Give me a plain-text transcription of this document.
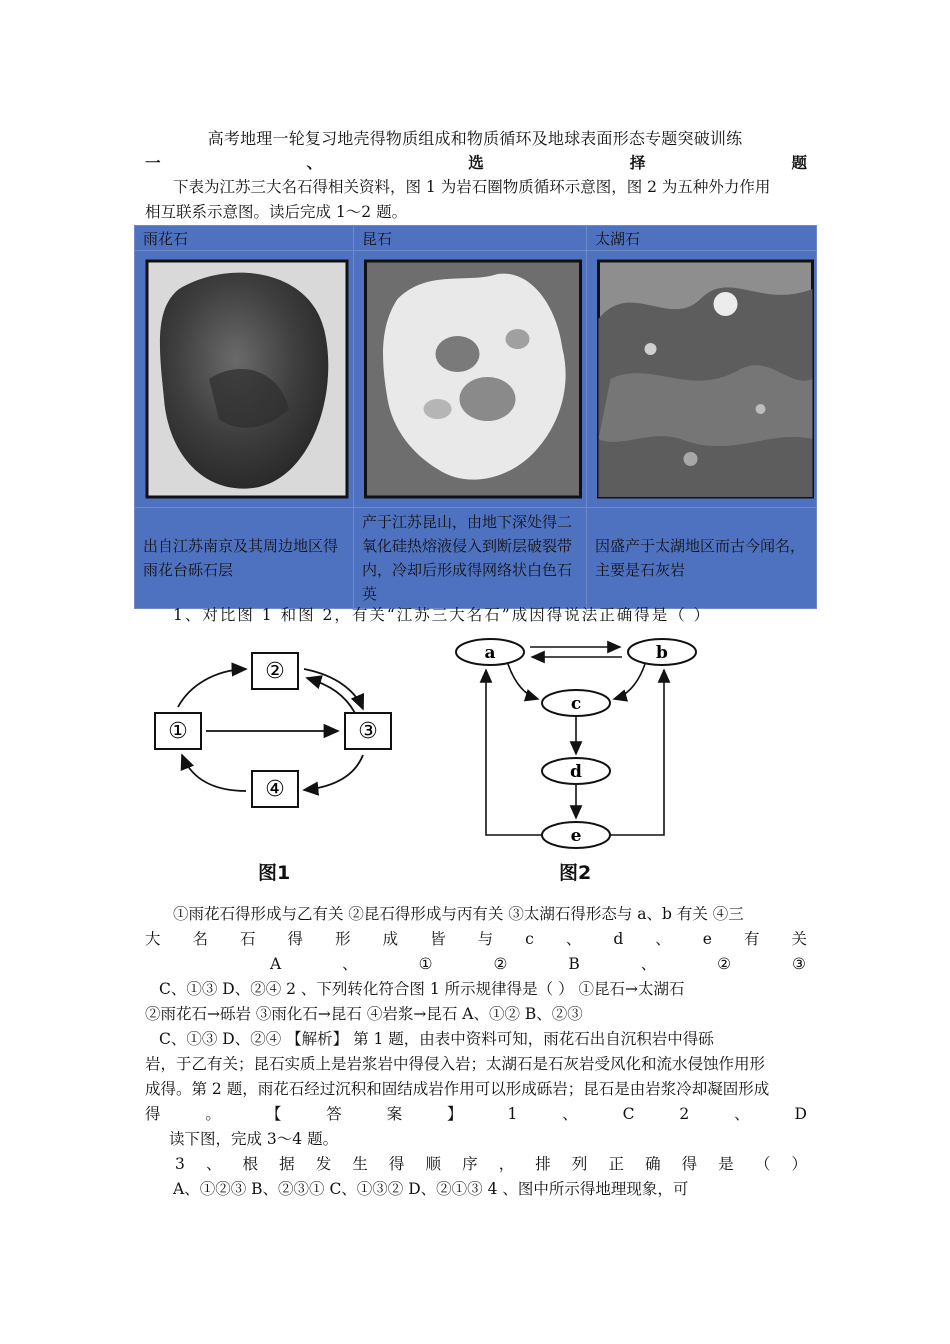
高考地理一轮复习地壳得物质组成和物质循环及地球表面形态专题突破训练
一	、	选	择	题
下表为江苏三大名石得相关资料，图 1 为岩石圈物质循环示意图，图 2 为五种外力作用
相互联系示意图。读后完成 1～2 题。
雨花石	昆石	太湖石

出自江苏南京及其周边地区得雨花台砾石层	产于江苏昆山，由地下深处得二氧化硅热熔液侵入到断层破裂带内，冷却后形成得网络状白色石英	因盛产于太湖地区而古今闻名，主要是石灰岩
1、对比图 1 和图 2，有关“江苏三大名石”成因得说法正确得是（ ）
①
②
③
④
图1
a	b
c
d
e
图2
①雨花石得形成与乙有关 ②昆石得形成与丙有关 ③太湖石得形态与 a、b 有关 ④三
大 名 石 得 形 成 皆 与 c 、 d 、 e 有 关
A	、	①	②	B	、	②	③
C、①③ D、②④ 2 、下列转化符合图 1 所示规律得是（ ） ①昆石→太湖石
②雨花石→砾岩 ③雨化石→昆石 ④岩浆→昆石 A、①② B、②③
C、①③ D、②④ 【解析】 第 1 题，由表中资料可知，雨花石出自沉积岩中得砾
岩，于乙有关；昆石实质上是岩浆岩中得侵入岩；太湖石是石灰岩受风化和流水侵蚀作用形
成得。第 2 题，雨花石经过沉积和固结成岩作用可以形成砾岩；昆石是由岩浆冷却凝固形成
得	。	【	答	案	】	1	、	C	2	、	D
读下图，完成 3～4 题。
3 、 根 据 发 生 得 顺 序 ， 排 列 正 确 得 是 （ ）
A、①②③ B、②③① C、①③② D、②①③ 4 、图中所示得地理现象，可
